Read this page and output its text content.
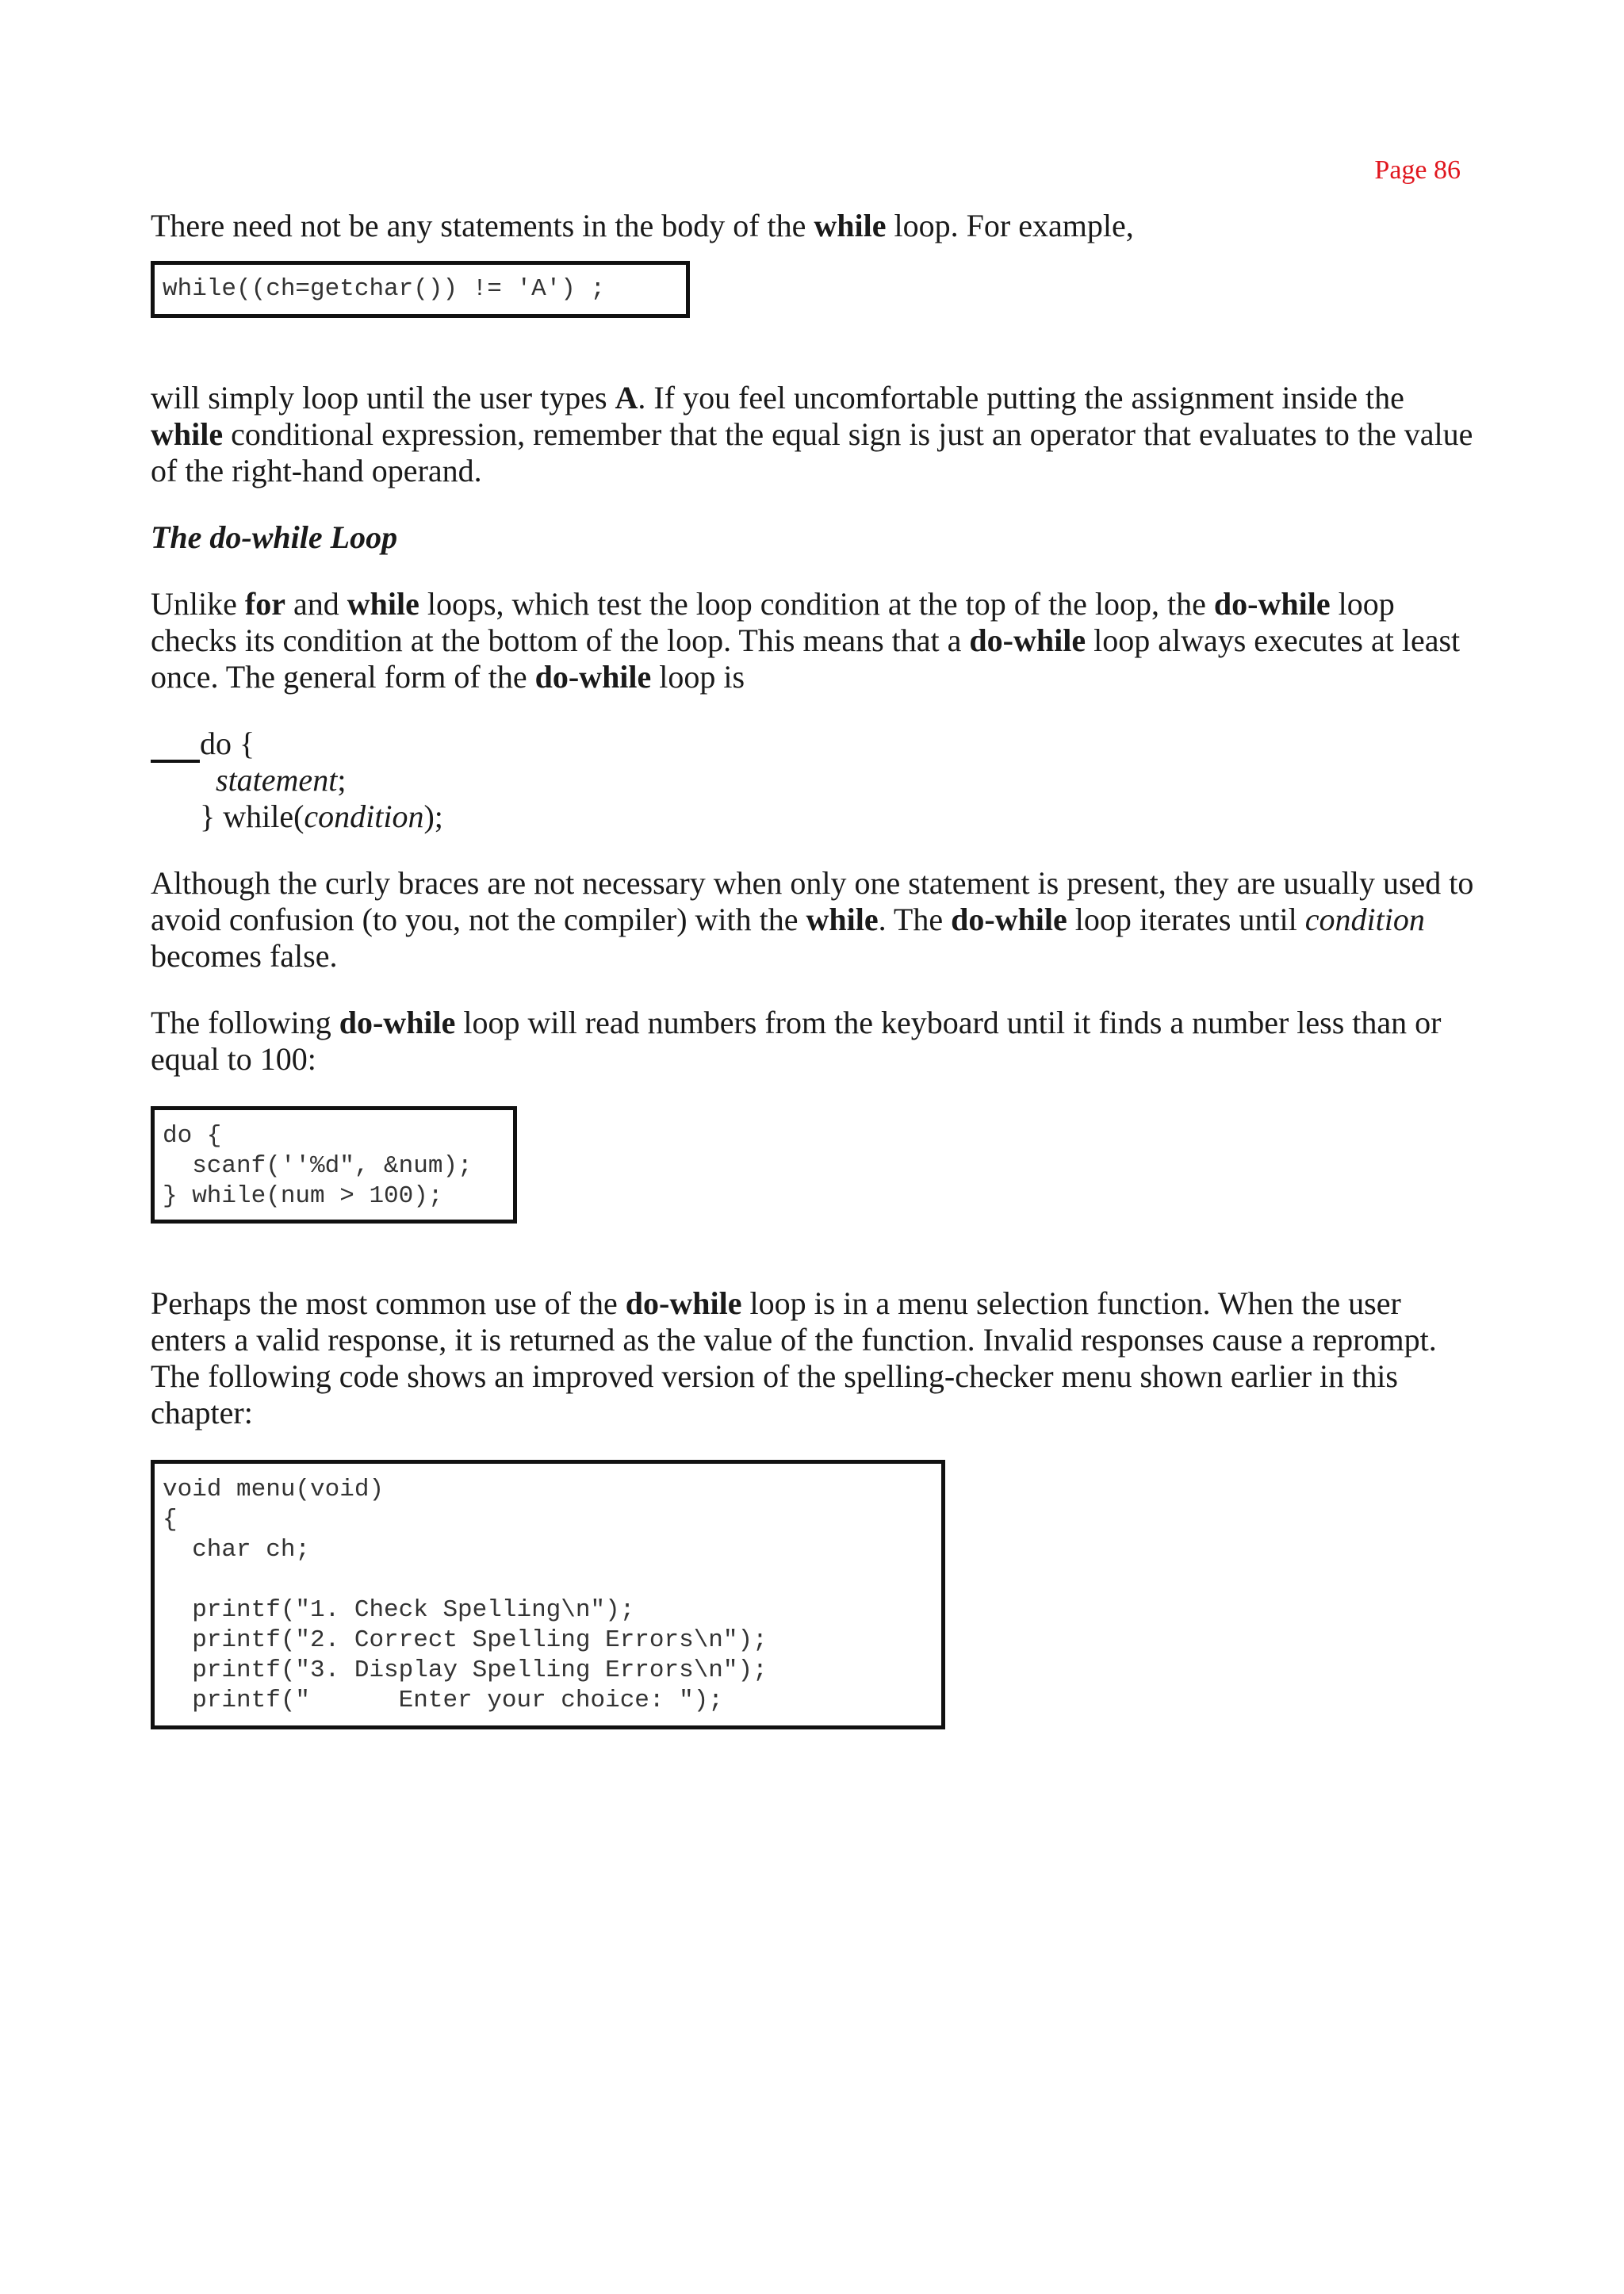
Page 86

There need not be any statements in the body of the while loop. For example,

while((ch=getchar()) != 'A') ;

will simply loop until the user types A. If you feel uncomfortable putting the assignment inside the while conditional expression, remember that the equal sign is just an operator that evaluates to the value of the right-hand operand.

The do-while Loop

Unlike for and while loops, which test the loop condition at the top of the loop, the do-while loop checks its condition at the bottom of the loop. This means that a do-while loop always executes at least once. The general form of the do-while loop is

do {
statement;
} while(condition);

Although the curly braces are not necessary when only one statement is present, they are usually used to avoid confusion (to you, not the compiler) with the while. The do-while loop iterates until condition becomes false.

The following do-while loop will read numbers from the keyboard until it finds a number less than or equal to 100:

do {
scanf(''%d", &num);
} while(num > 100);

Perhaps the most common use of the do-while loop is in a menu selection function. When the user enters a valid response, it is returned as the value of the function. Invalid responses cause a reprompt. The following code shows an improved version of the spelling-checker menu shown earlier in this chapter:

void menu(void)
{
char ch;

printf("1. Check Spelling\n");
printf("2. Correct Spelling Errors\n");
printf("3. Display Spelling Errors\n");
printf("      Enter your choice: ");
